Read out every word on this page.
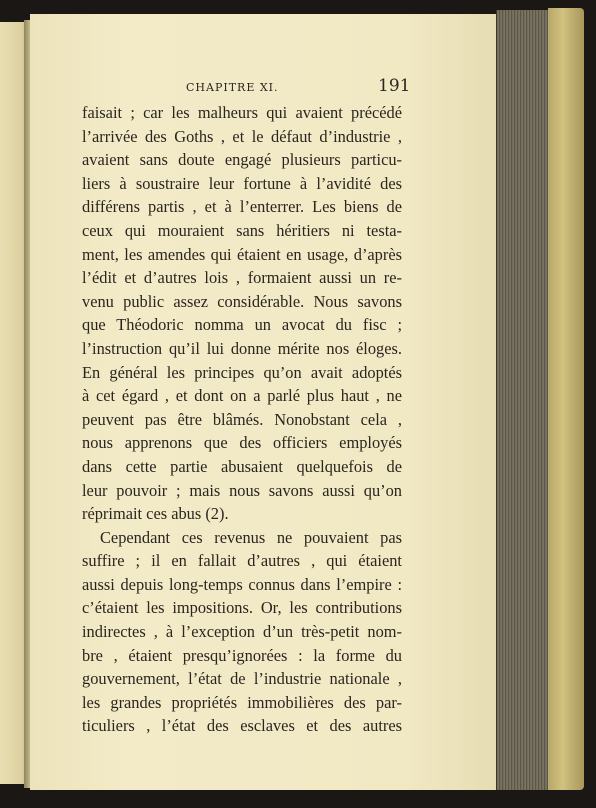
CHAPITRE XI.	191
faisait ; car les malheurs qui avaient précédé
l’arrivée des Goths , et le défaut d’industrie ,
avaient sans doute engagé plusieurs particu-
liers à soustraire leur fortune à l’avidité des
différens partis , et à l’enterrer. Les biens de
ceux qui mouraient sans héritiers ni testa-
ment, les amendes qui étaient en usage, d’après
l’édit et d’autres lois , formaient aussi un re-
venu public assez considérable. Nous savons
que Théodoric nomma un avocat du fisc ;
l’instruction qu’il lui donne mérite nos éloges.
En général les principes qu’on avait adoptés
à cet égard , et dont on a parlé plus haut , ne
peuvent pas être blâmés. Nonobstant cela ,
nous apprenons que des officiers employés
dans cette partie abusaient quelquefois de
leur pouvoir ; mais nous savons aussi qu’on
réprimait ces abus (2).
Cependant ces revenus ne pouvaient pas
suffire ; il en fallait d’autres , qui étaient
aussi depuis long-temps connus dans l’empire :
c’étaient les impositions. Or, les contributions
indirectes , à l’exception d’un très-petit nom-
bre , étaient presqu’ignorées : la forme du
gouvernement, l’état de l’industrie nationale ,
les grandes propriétés immobilières des par-
ticuliers , l’état des esclaves et des autres
